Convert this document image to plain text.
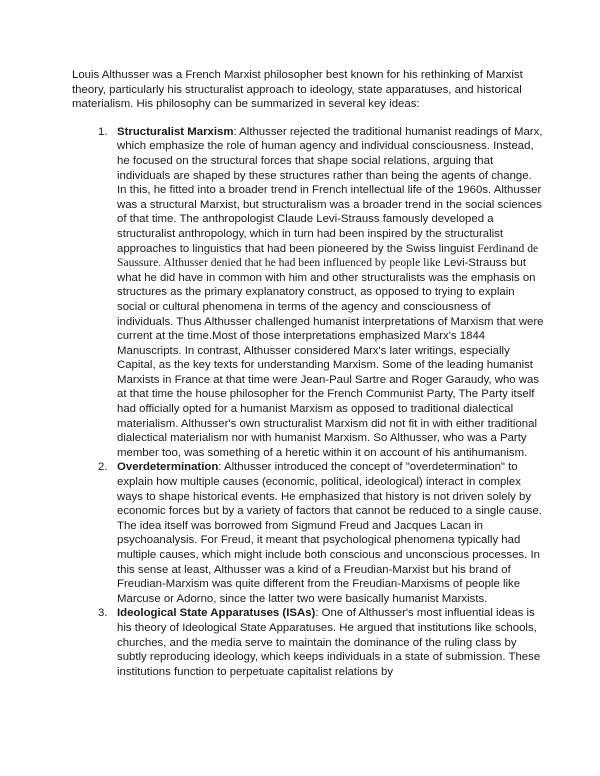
Louis Althusser was a French Marxist philosopher best known for his rethinking of Marxist theory, particularly his structuralist approach to ideology, state apparatuses, and historical materialism. His philosophy can be summarized in several key ideas:

1. Structuralist Marxism: Althusser rejected the traditional humanist readings of Marx, which emphasize the role of human agency and individual consciousness. Instead, he focused on the structural forces that shape social relations, arguing that individuals are shaped by these structures rather than being the agents of change. In this, he fitted into a broader trend in French intellectual life of the 1960s. Althusser was a structural Marxist, but structuralism was a broader trend in the social sciences of that time. The anthropologist Claude Levi-Strauss famously developed a structuralist anthropology, which in turn had been inspired by the structuralist approaches to linguistics that had been pioneered by the Swiss linguist Ferdinand de Saussure. Althusser denied that he had been influenced by people like Levi-Strauss but what he did have in common with him and other structuralists was the emphasis on structures as the primary explanatory construct, as opposed to trying to explain social or cultural phenomena in terms of the agency and consciousness of individuals. Thus Althusser challenged humanist interpretations of Marxism that were current at the time.Most of those interpretations emphasized Marx's 1844 Manuscripts. In contrast, Althusser considered Marx's later writings, especially Capital, as the key texts for understanding Marxism. Some of the leading humanist Marxists in France at that time were Jean-Paul Sartre and Roger Garaudy, who was at that time the house philosopher for the French Communist Party, The Party itself had officially opted for a humanist Marxism as opposed to traditional dialectical materialism. Althusser's own structuralist Marxism did not fit in with either traditional dialectical materialism nor with humanist Marxism. So Althusser, who was a Party member too, was something of a heretic within it on account of his antihumanism.
2. Overdetermination: Althusser introduced the concept of "overdetermination" to explain how multiple causes (economic, political, ideological) interact in complex ways to shape historical events. He emphasized that history is not driven solely by economic forces but by a variety of factors that cannot be reduced to a single cause. The idea itself was borrowed from Sigmund Freud and Jacques Lacan in psychoanalysis. For Freud, it meant that psychological phenomena typically had multiple causes, which might include both conscious and unconscious processes. In this sense at least, Althusser was a kind of a Freudian-Marxist but his brand of Freudian-Marxism was quite different from the Freudian-Marxisms of people like Marcuse or Adorno, since the latter two were basically humanist Marxists.
3. Ideological State Apparatuses (ISAs): One of Althusser's most influential ideas is his theory of Ideological State Apparatuses. He argued that institutions like schools, churches, and the media serve to maintain the dominance of the ruling class by subtly reproducing ideology, which keeps individuals in a state of submission. These institutions function to perpetuate capitalist relations by
